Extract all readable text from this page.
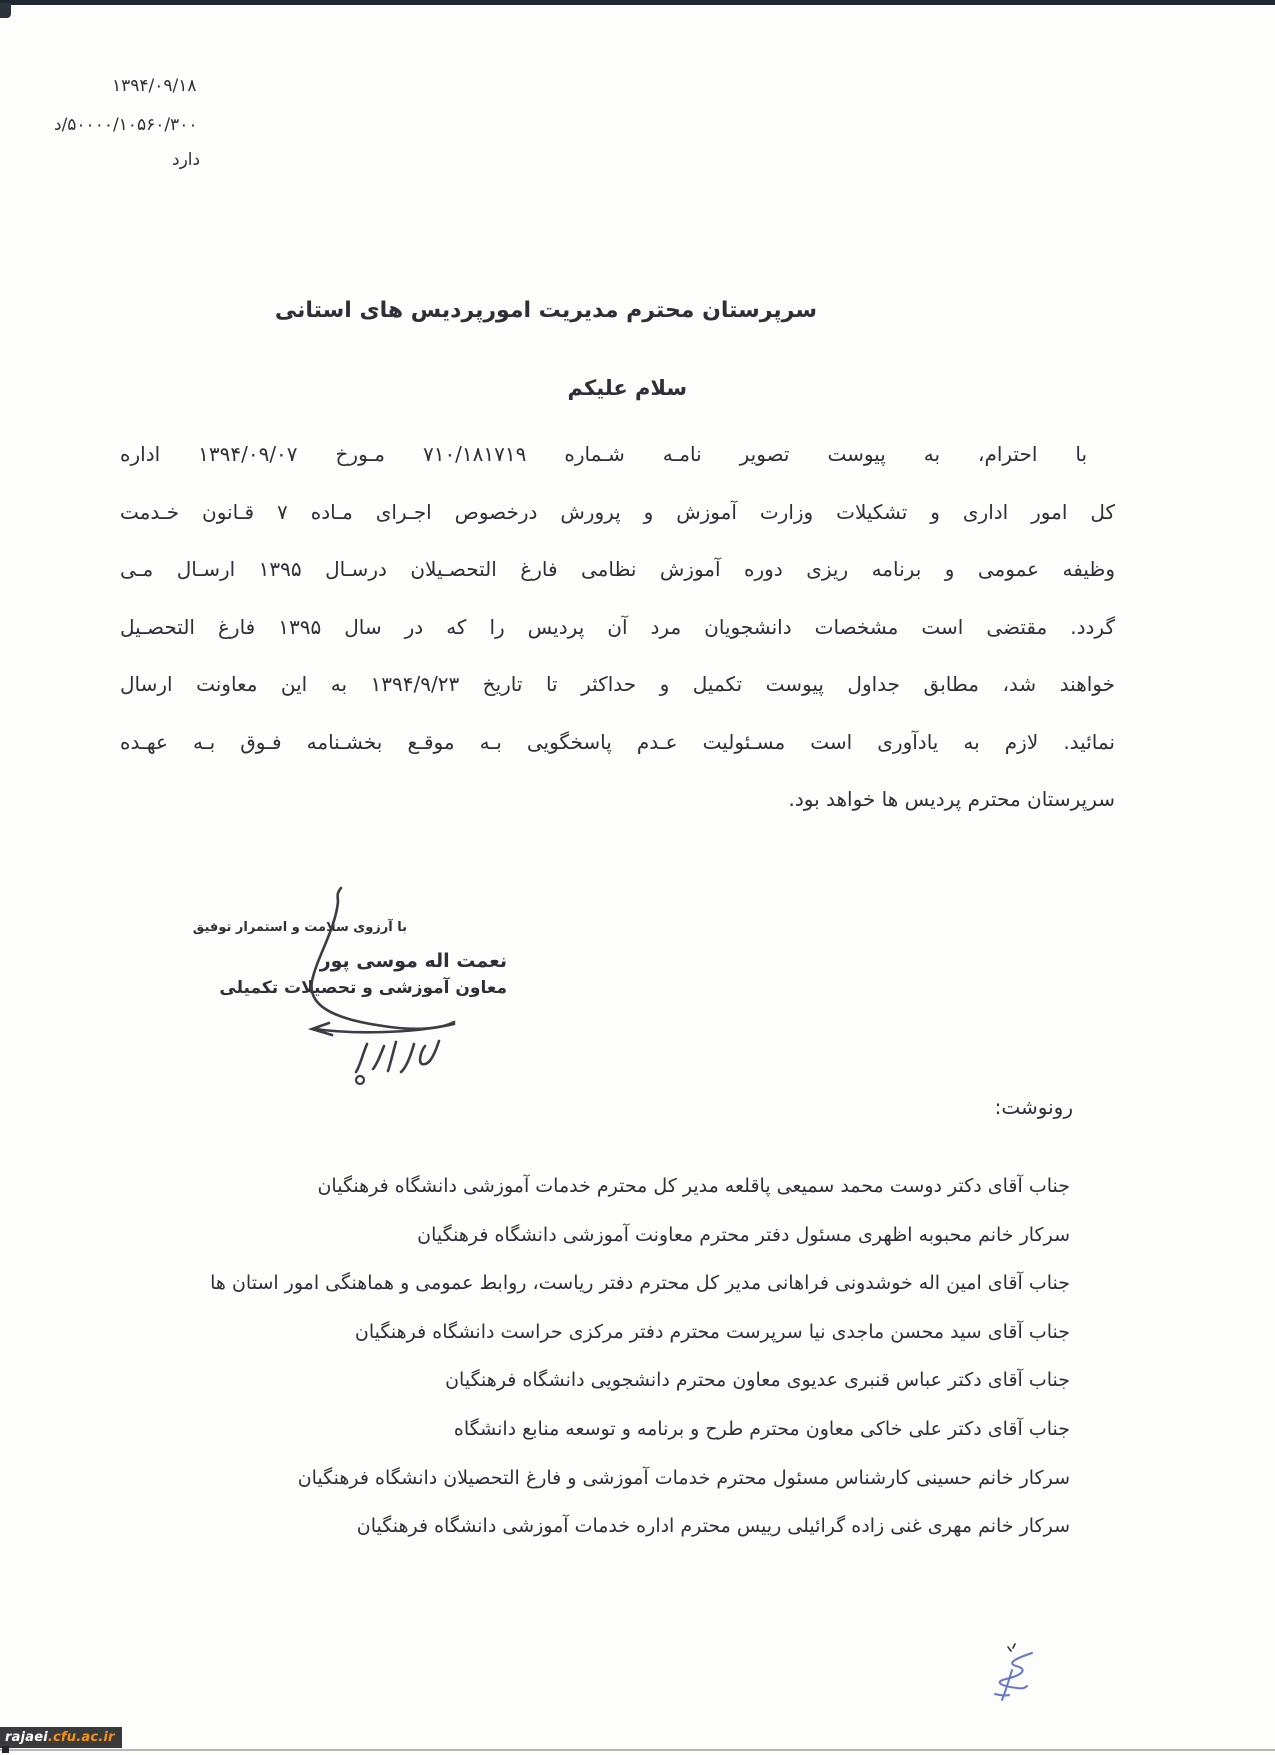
۱۳۹۴/۰۹/۱۸
د/۵۰۰۰۰/۱۰۵۶۰/۳۰۰
دارد
سرپرستان محترم مدیریت امورپردیس های استانی
سلام علیکم
با احترام، به پیوست تصویر نامـه شـماره ۷۱۰/۱۸۱۷۱۹ مـورخ ۱۳۹۴/۰۹/۰۷ اداره
کل امور اداری و تشکیلات وزارت آموزش و پرورش درخصوص اجـرای مـاده ۷ قـانون خـدمت
وظیفه عمومی و برنامه ریزی دوره آموزش نظامی فارغ التحصـیلان درسـال ۱۳۹۵ ارسـال مـی
گردد. مقتضی است مشخصات دانشجویان مرد آن پردیس را که در سال ۱۳۹۵ فارغ التحصـیل
خواهند شد، مطابق جداول پیوست تکمیل و حداکثر تا تاریخ ۱۳۹۴/۹/۲۳ به این معاونت ارسال
نمائید. لازم به یادآوری است مسـئولیت عـدم پاسخگویی بـه موقـع بخشـنامه فـوق بـه عهـده
سرپرستان محترم پردیس ها خواهد بود.
با آرزوی سلامت و استمرار توفیق
نعمت اله موسی پور
معاون آموزشی و تحصیلات تکمیلی
رونوشت:
جناب آقای دکتر دوست محمد سمیعی پاقلعه مدیر کل محترم خدمات آموزشی دانشگاه فرهنگیان
سرکار خانم محبوبه اظهری مسئول دفتر محترم معاونت آموزشی دانشگاه فرهنگیان
جناب آقای امین اله خوشدونی فراهانی مدیر کل محترم دفتر ریاست، روابط عمومی و هماهنگی امور استان ها
جناب آقای سید محسن ماجدی نیا سرپرست محترم دفتر مرکزی حراست دانشگاه فرهنگیان
جناب آقای دکتر عباس قنبری عدیوی معاون محترم دانشجویی دانشگاه فرهنگیان
جناب آقای دکتر علی خاکی معاون محترم طرح و برنامه و توسعه منابع دانشگاه
سرکار خانم حسینی کارشناس مسئول محترم خدمات آموزشی و فارغ التحصیلان دانشگاه فرهنگیان
سرکار خانم مهری غنی زاده گرائیلی رییس محترم اداره خدمات آموزشی دانشگاه فرهنگیان
rajaei .cfu.ac.ir
